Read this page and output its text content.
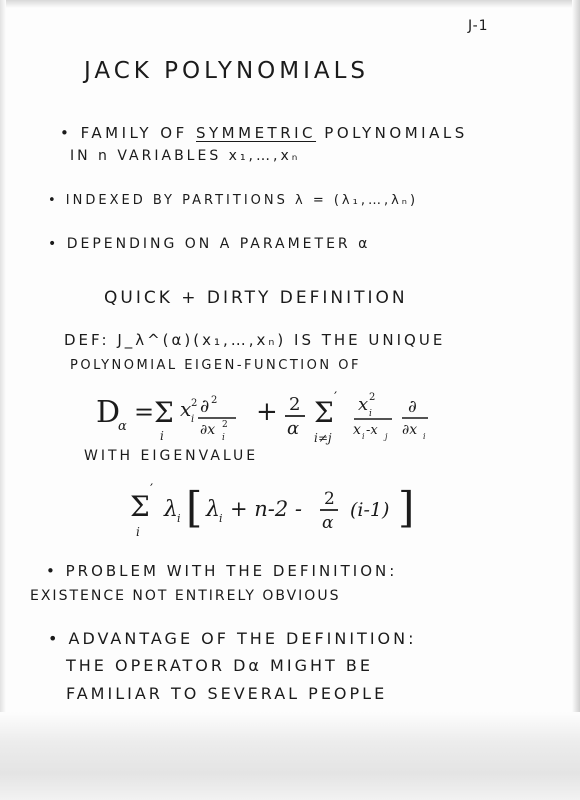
J-1

JACK POLYNOMIALS

• FAMILY OF SYMMETRIC POLYNOMIALS

IN n VARIABLES x₁,…,xₙ

• INDEXED BY PARTITIONS λ = (λ₁,…,λₙ)

• DEPENDING ON A PARAMETER α

QUICK + DIRTY DEFINITION

DEF: J_λ^(α)(x₁,…,xₙ) IS THE UNIQUE

POLYNOMIAL EIGEN-FUNCTION OF

D
α
= Σ
i
x i
2 ∂ 2
∂x i
2 + 2
α Σ ′
i≠j
x i
2
x i -x j
∂
∂x i

WITH EIGENVALUE

Σ ′
i
λ i [ λ i + n-2 - 2
α
(i-1) ]

• PROBLEM WITH THE DEFINITION:

EXISTENCE NOT ENTIRELY OBVIOUS

• ADVANTAGE OF THE DEFINITION:

THE OPERATOR Dα MIGHT BE

FAMILIAR TO SEVERAL PEOPLE
